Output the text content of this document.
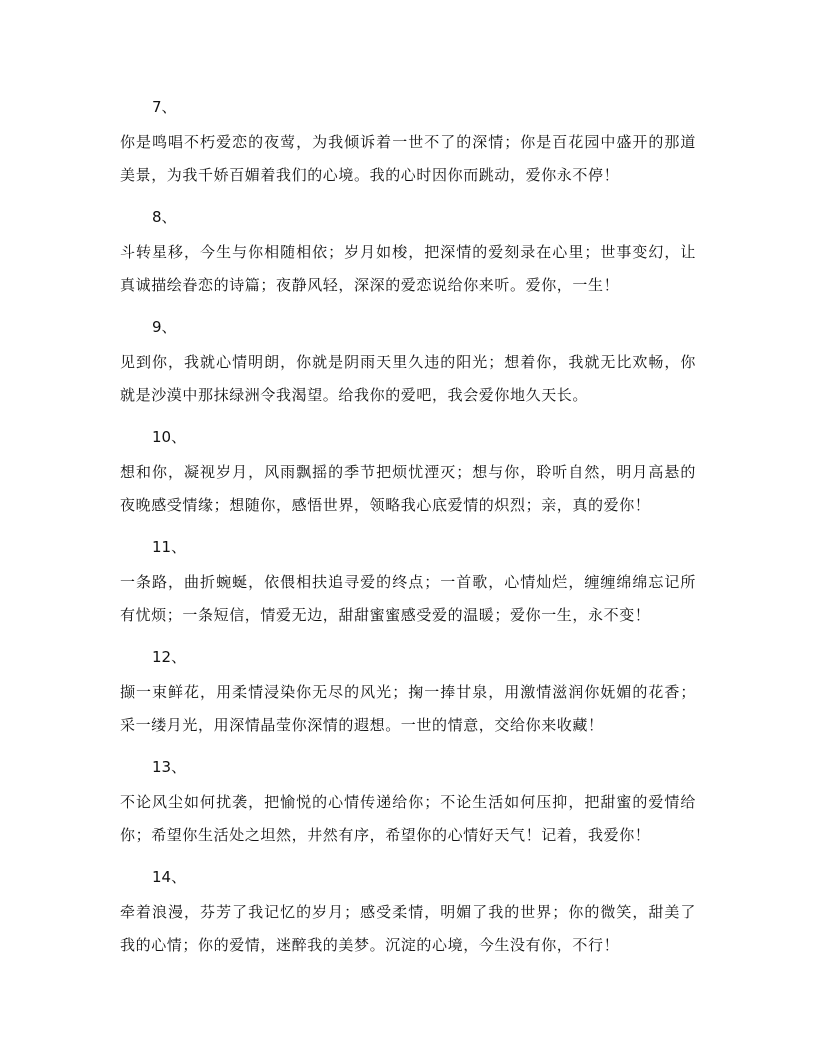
7、

你是鸣唱不朽爱恋的夜莺，为我倾诉着一世不了的深情；你是百花园中盛开的那道美景，为我千娇百媚着我们的心境。我的心时因你而跳动，爱你永不停！

8、

斗转星移，今生与你相随相依；岁月如梭，把深情的爱刻录在心里；世事变幻，让真诚描绘眷恋的诗篇；夜静风轻，深深的爱恋说给你来听。爱你，一生！

9、

见到你，我就心情明朗，你就是阴雨天里久违的阳光；想着你，我就无比欢畅，你就是沙漠中那抹绿洲令我渴望。给我你的爱吧，我会爱你地久天长。

10、

想和你，凝视岁月，风雨飘摇的季节把烦忧湮灭；想与你，聆听自然，明月高悬的夜晚感受情缘；想随你，感悟世界，领略我心底爱情的炽烈；亲，真的爱你！

11、

一条路，曲折蜿蜒，依偎相扶追寻爱的终点；一首歌，心情灿烂，缠缠绵绵忘记所有忧烦；一条短信，情爱无边，甜甜蜜蜜感受爱的温暖；爱你一生，永不变！

12、

撷一束鲜花，用柔情浸染你无尽的风光；掬一捧甘泉，用激情滋润你妩媚的花香；采一缕月光，用深情晶莹你深情的遐想。一世的情意，交给你来收藏！

13、

不论风尘如何扰袭，把愉悦的心情传递给你；不论生活如何压抑，把甜蜜的爱情给你；希望你生活处之坦然，井然有序，希望你的心情好天气！记着，我爱你！

14、

牵着浪漫，芬芳了我记忆的岁月；感受柔情，明媚了我的世界；你的微笑，甜美了我的心情；你的爱情，迷醉我的美梦。沉淀的心境，今生没有你，不行！
